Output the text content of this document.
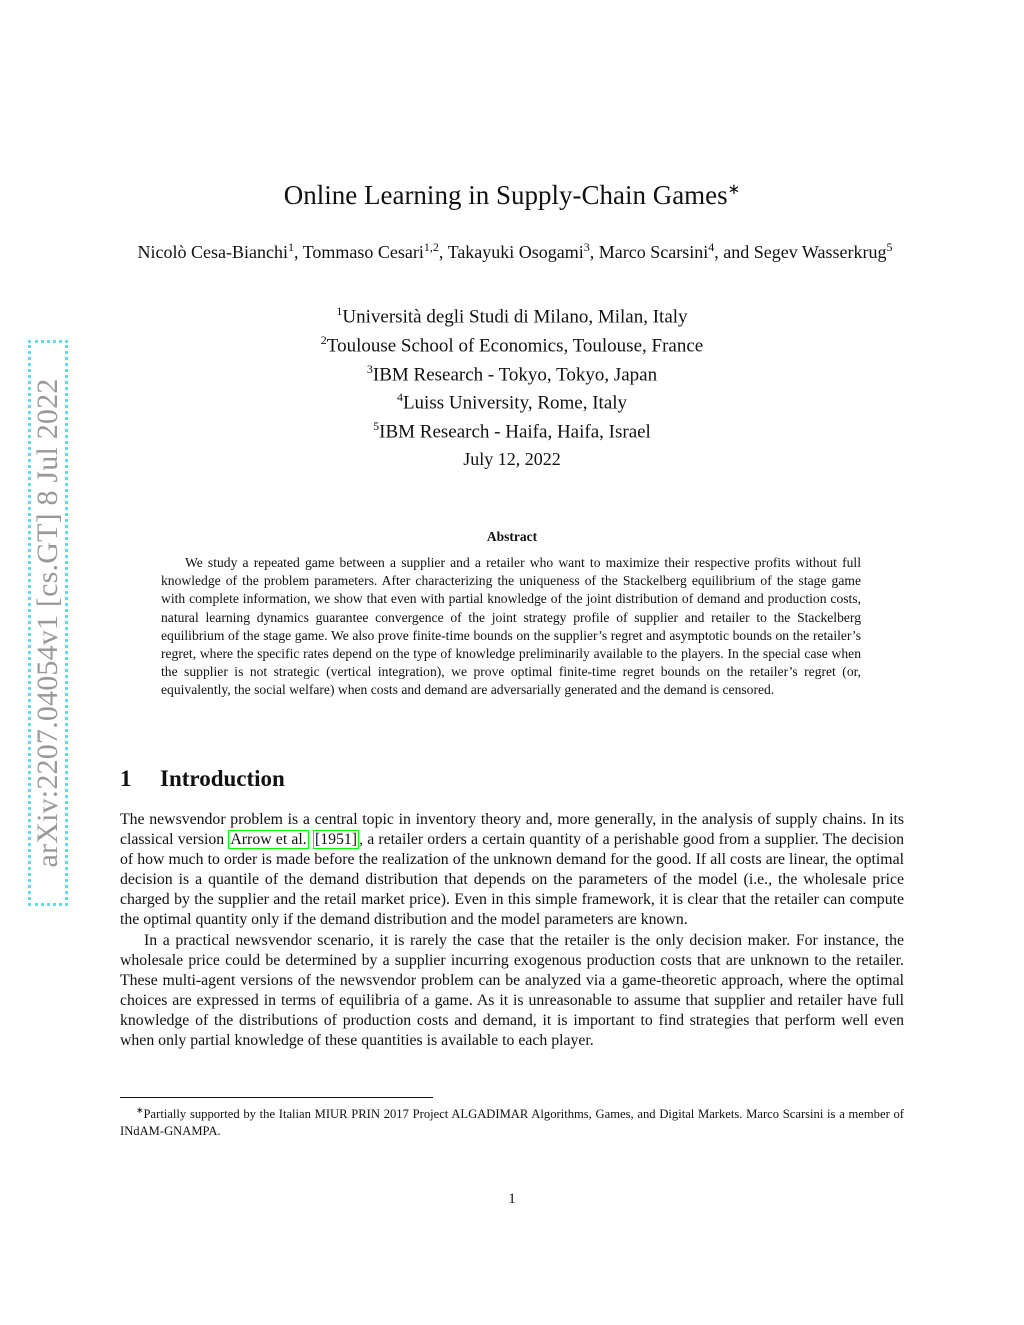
arXiv:2207.04054v1 [cs.GT] 8 Jul 2022
Online Learning in Supply-Chain Games∗
Nicolò Cesa-Bianchi$^1$, Tommaso Cesari$^{1,2}$, Takayuki Osogami$^3$, Marco Scarsini$^4$, and Segev Wasserkrug$^5$
$^1$Università degli Studi di Milano, Milan, Italy
$^2$Toulouse School of Economics, Toulouse, France
$^3$IBM Research - Tokyo, Tokyo, Japan
$^4$Luiss University, Rome, Italy
$^5$IBM Research - Haifa, Haifa, Israel
July 12, 2022
Abstract

We study a repeated game between a supplier and a retailer who want to maximize their respective profits without full knowledge of the problem parameters. After characterizing the uniqueness of the Stackelberg equilibrium of the stage game with complete information, we show that even with partial knowledge of the joint distribution of demand and production costs, natural learning dynamics guarantee convergence of the joint strategy profile of supplier and retailer to the Stackelberg equilibrium of the stage game. We also prove finite-time bounds on the supplier’s regret and asymptotic bounds on the retailer’s regret, where the specific rates depend on the type of knowledge preliminarily available to the players. In the special case when the supplier is not strategic (vertical integration), we prove optimal finite-time regret bounds on the retailer’s regret (or, equivalently, the social welfare) when costs and demand are adversarially generated and the demand is censored.

1 Introduction

The newsvendor problem is a central topic in inventory theory and, more generally, in the analysis of supply chains. In its classical version Arrow et al. [1951] , a retailer orders a certain quantity of a perishable good from a supplier. The decision of how much to order is made before the realization of the unknown demand for the good. If all costs are linear, the optimal decision is a quantile of the demand distribution that depends on the parameters of the model (i.e., the wholesale price charged by the supplier and the retail market price). Even in this simple framework, it is clear that the retailer can compute the optimal quantity only if the demand distribution and the model parameters are known.

In a practical newsvendor scenario, it is rarely the case that the retailer is the only decision maker. For instance, the wholesale price could be determined by a supplier incurring exogenous production costs that are unknown to the retailer. These multi-agent versions of the newsvendor problem can be analyzed via a game-theoretic approach, where the optimal choices are expressed in terms of equilibria of a game. As it is unreasonable to assume that supplier and retailer have full knowledge of the distributions of production costs and demand, it is important to find strategies that perform well even when only partial knowledge of these quantities is available to each player.

∗Partially supported by the Italian MIUR PRIN 2017 Project ALGADIMAR Algorithms, Games, and Digital Markets. Marco Scarsini is a member of INdAM-GNAMPA.
1
